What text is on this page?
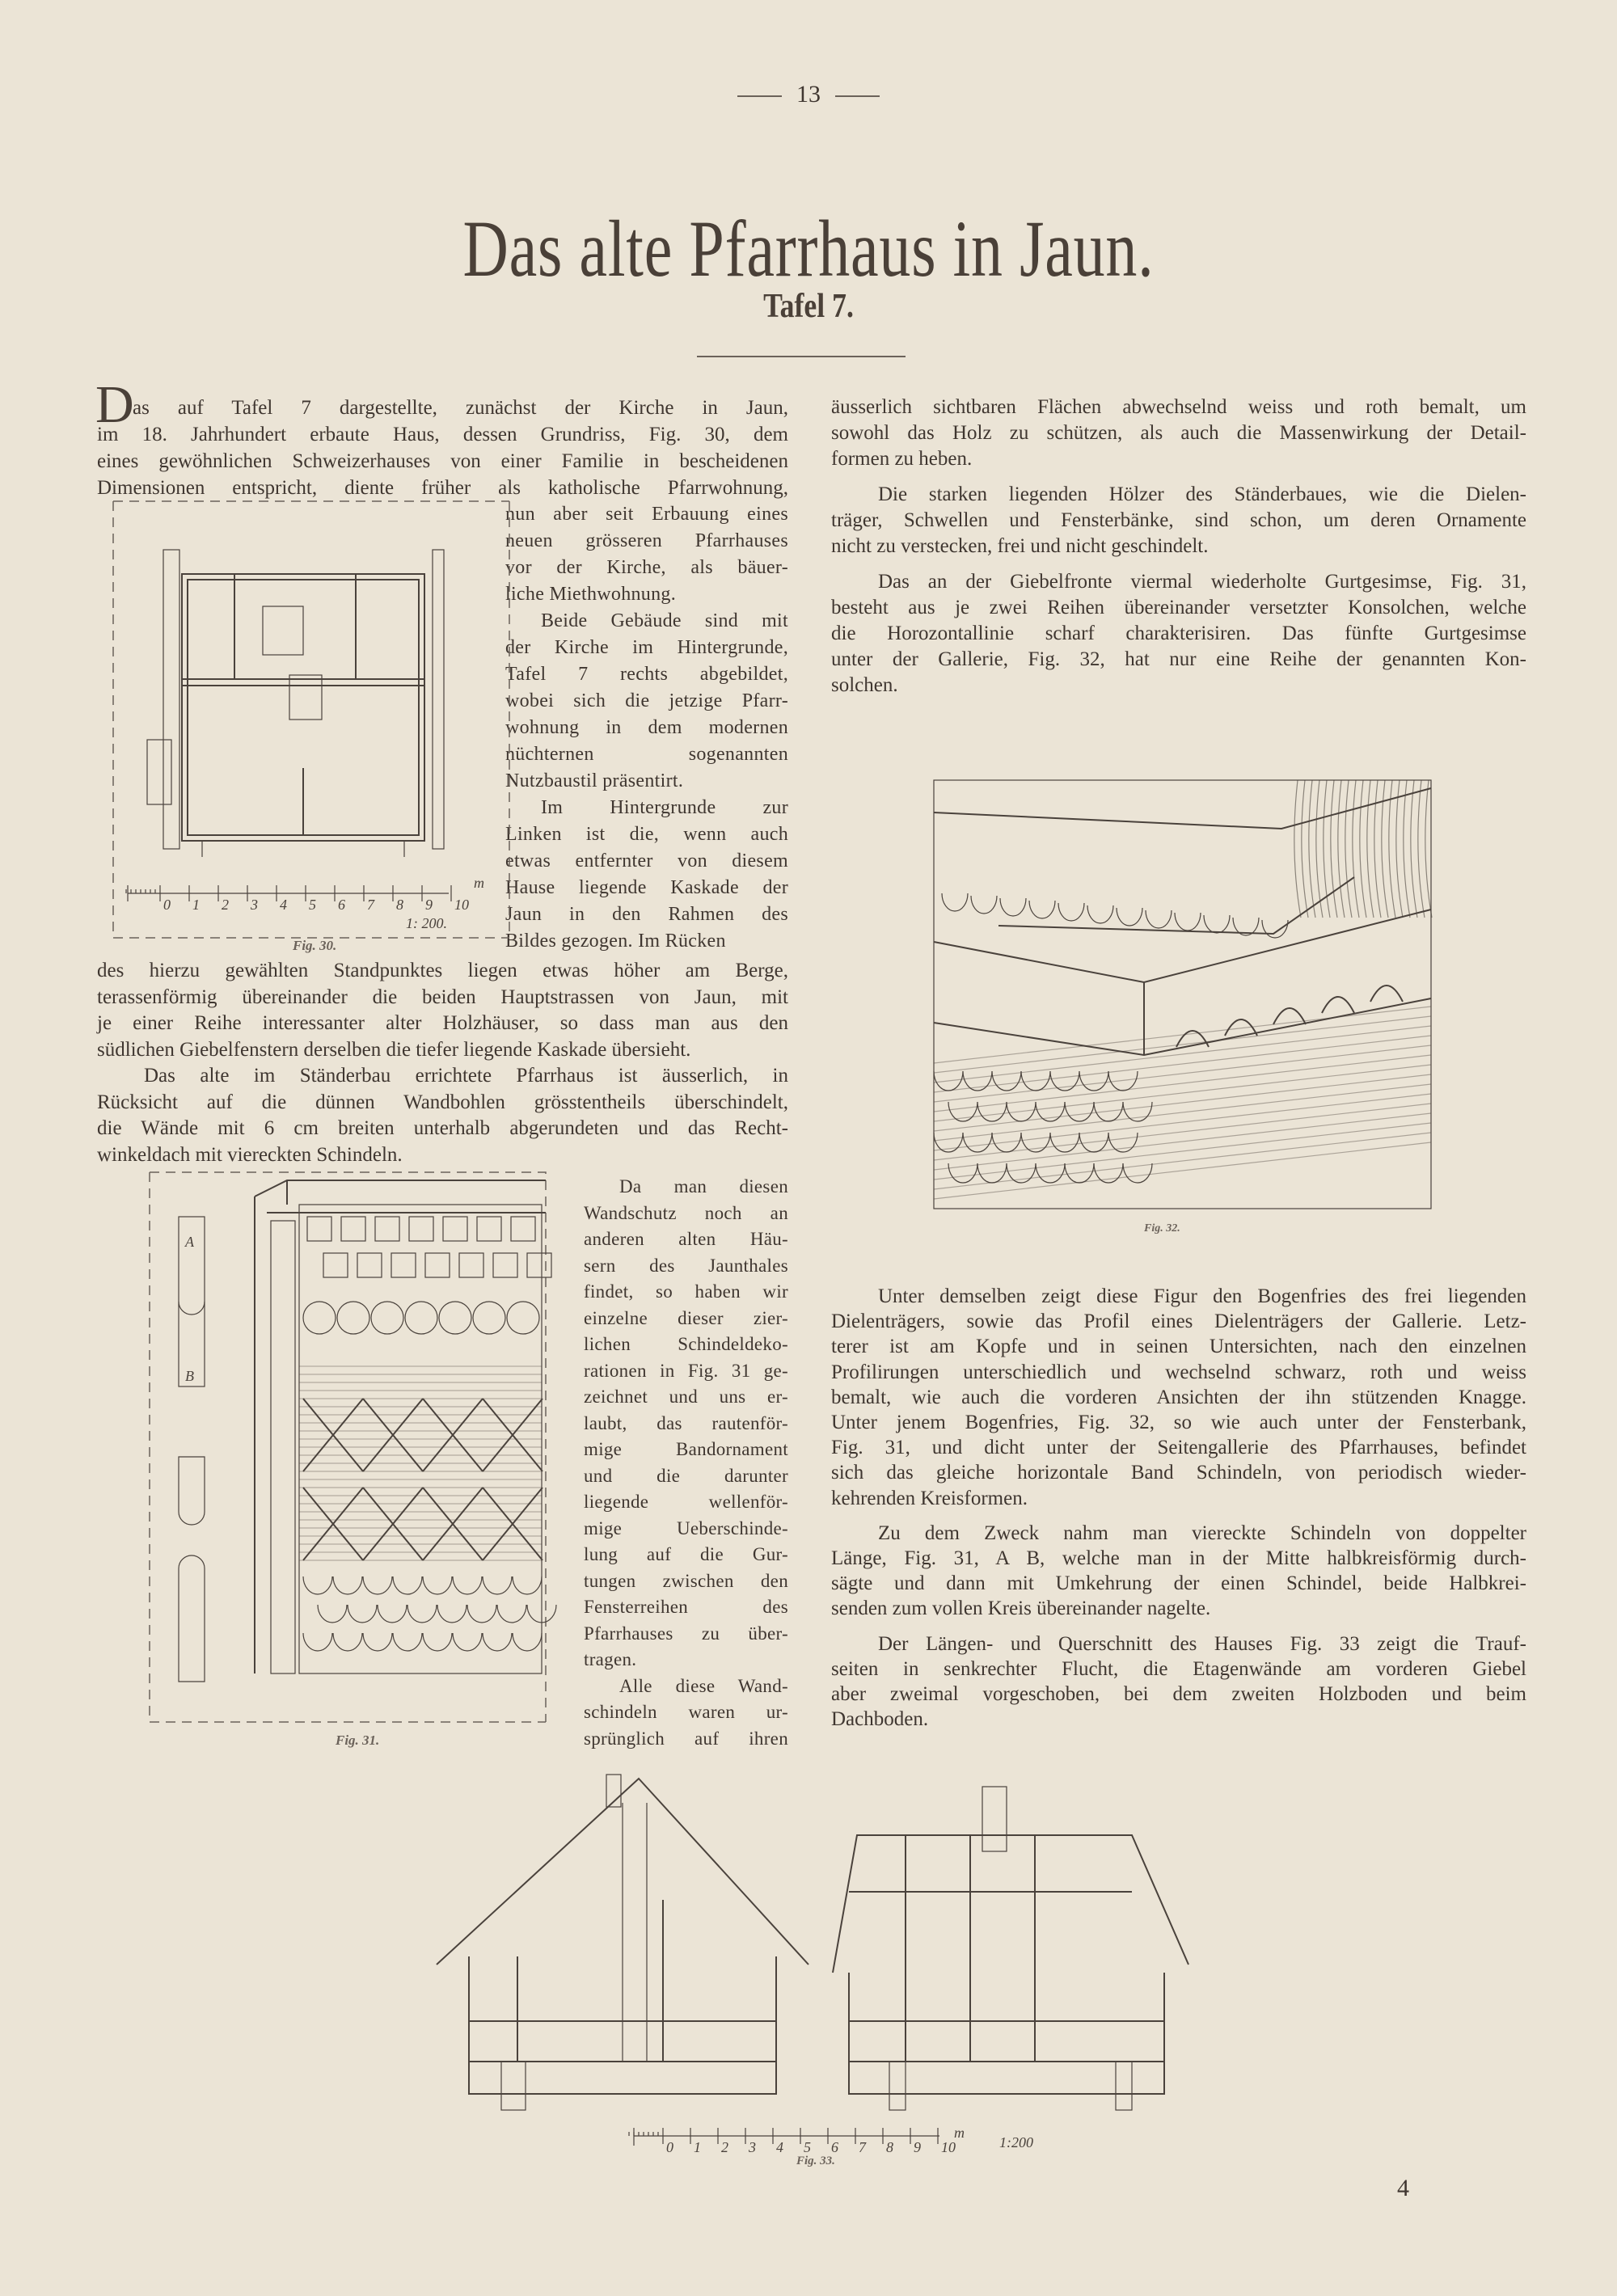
13
Das alte Pfarrhaus in Jaun.
Tafel 7.
D
as auf Tafel 7 dargestellte, zunächst der Kirche in Jaun,
im 18. Jahrhundert erbaute Haus, dessen Grundriss, Fig. 30, dem
eines gewöhnlichen Schweizerhauses von einer Familie in bescheidenen
Dimensionen entspricht, diente früher als katholische Pfarrwohnung,
nun aber seit Erbauung eines
neuen grösseren Pfarrhauses
vor der Kirche, als bäuer-
liche Miethwohnung.
Beide Gebäude sind mit
der Kirche im Hintergrunde,
Tafel 7 rechts abgebildet,
wobei sich die jetzige Pfarr-
wohnung in dem modernen
nüchternen sogenannten
Nutzbaustil präsentirt.
Im Hintergrunde zur
Linken ist die, wenn auch
etwas entfernter von diesem
Hause liegende Kaskade der
Jaun in den Rahmen des
Bildes gezogen. Im Rücken
des hierzu gewählten Standpunktes liegen etwas höher am Berge,
terassenförmig übereinander die beiden Hauptstrassen von Jaun, mit
je einer Reihe interessanter alter Holzhäuser, so dass man aus den
südlichen Giebelfenstern derselben die tiefer liegende Kaskade übersieht.
Das alte im Ständerbau errichtete Pfarrhaus ist äusserlich, in
Rücksicht auf die dünnen Wandbohlen grösstentheils überschindelt,
die Wände mit 6 cm breiten unterhalb abgerundeten und das Recht-
winkeldach mit viereckten Schindeln.
Da man diesen
Wandschutz noch an
anderen alten Häu-
sern des Jaunthales
findet, so haben wir
einzelne dieser zier-
lichen Schindeldeko-
rationen in Fig. 31 ge-
zeichnet und uns er-
laubt, das rautenför-
mige Bandornament
und die darunter
liegende wellenför-
mige Ueberschinde-
lung auf die Gur-
tungen zwischen den
Fensterreihen des
Pfarrhauses zu über-
tragen.
Alle diese Wand-
schindeln waren ur-
sprünglich auf ihren
äusserlich sichtbaren Flächen abwechselnd weiss und roth bemalt, um
sowohl das Holz zu schützen, als auch die Massenwirkung der Detail-
formen zu heben.
Die starken liegenden Hölzer des Ständerbaues, wie die Dielen-
träger, Schwellen und Fensterbänke, sind schon, um deren Ornamente
nicht zu verstecken, frei und nicht geschindelt.
Das an der Giebelfronte viermal wiederholte Gurtgesimse, Fig. 31,
besteht aus je zwei Reihen übereinander versetzter Konsolchen, welche
die Horozontallinie scharf charakterisiren. Das fünfte Gurtgesimse
unter der Gallerie, Fig. 32, hat nur eine Reihe der genannten Kon-
solchen.
Unter demselben zeigt diese Figur den Bogenfries des frei liegenden
Dielenträgers, sowie das Profil eines Dielenträgers der Gallerie. Letz-
terer ist am Kopfe und in seinen Untersichten, nach den einzelnen
Profilirungen unterschiedlich und wechselnd schwarz, roth und weiss
bemalt, wie auch die vorderen Ansichten der ihn stützenden Knagge.
Unter jenem Bogenfries, Fig. 32, so wie auch unter der Fensterbank,
Fig. 31, und dicht unter der Seitengallerie des Pfarrhauses, befindet
sich das gleiche horizontale Band Schindeln, von periodisch wieder-
kehrenden Kreisformen.
Zu dem Zweck nahm man viereckte Schindeln von doppelter
Länge, Fig. 31, A B, welche man in der Mitte halbkreisförmig durch-
sägte und dann mit Umkehrung der einen Schindel, beide Halbkrei-
senden zum vollen Kreis übereinander nagelte.
Der Längen- und Querschnitt des Hauses Fig. 33 zeigt die Trauf-
seiten in senkrechter Flucht, die Etagenwände am vorderen Giebel
aber zweimal vorgeschoben, bei dem zweiten Holzboden und beim
Dachboden.
0 1 2 3 4 5 6 7 8 9 10
m
1: 200.
Fig. 30.
A
B
Fig. 31.
Fig. 32.
0 1 2 3 4 5 6 7 8 9 10
m
1:200
Fig. 33.
4
